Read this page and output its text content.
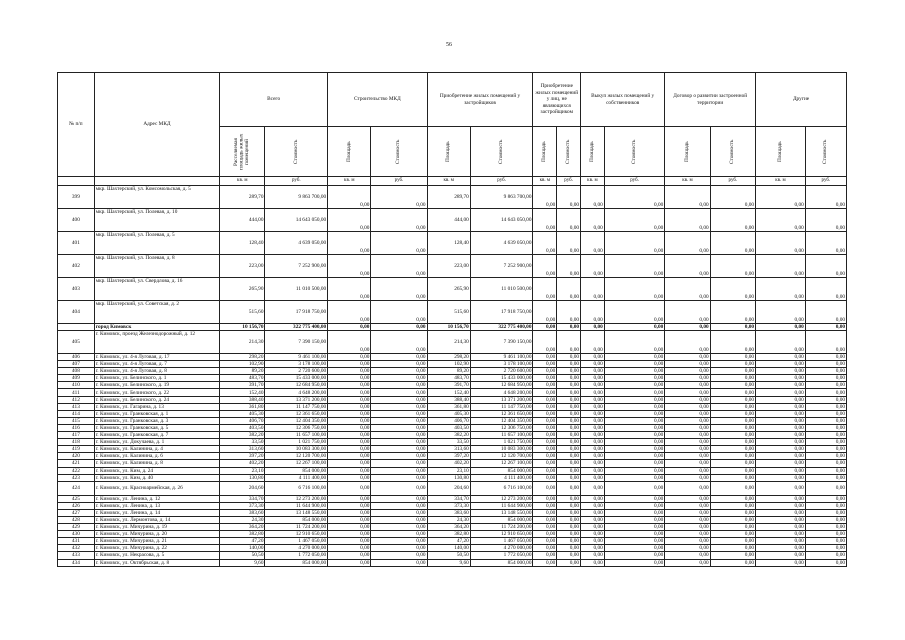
56
№ п/п	Адрес МКД	Всего		Строительство МКД		Приобретение жилых помещений у застройщиков		Приобретение жилых помещений у лиц, не являющихся застройщиком		Выкуп жилых помещений у собственников		Договор о развитии застроенной территории		Другие	

		Расселяемая площадь жилых помещений	Стоимость	Площадь	Стоимость	Площадь	Стоимость	Площадь	Стоимость	Площадь	Стоимость	Площадь	Стоимость	Площадь	Стоимость

		кв. м	руб.	кв. м	руб.	кв. м	руб.	кв. м	руб.	кв. м	руб.	кв. м	руб.	кв. м	руб.
399	мкр. Шахтерский, ул. Комсомольская, д. 5	289,70	9 863 700,00	0,00	0,00	289,70	9 863 700,00	0,00	0,00	0,00	0,00	0,00	0,00	0,00	0,00
400	мкр. Шахтерский, ул. Полевая, д. 10	444,00	14 643 050,00	0,00	0,00	444,00	14 643 050,00	0,00	0,00	0,00	0,00	0,00	0,00	0,00	0,00
401	мкр. Шахтерский, ул. Полевая, д. 5	128,40	4 639 050,00	0,00	0,00	128,40	4 639 050,00	0,00	0,00	0,00	0,00	0,00	0,00	0,00	0,00
402	мкр. Шахтерский, ул. Полевая, д. 8	223,00	7 252 900,00	0,00	0,00	223,00	7 252 900,00	0,00	0,00	0,00	0,00	0,00	0,00	0,00	0,00
403	мкр. Шахтерский, ул. Свердлова, д. 16	265,90	11 010 500,00	0,00	0,00	265,90	11 010 500,00	0,00	0,00	0,00	0,00	0,00	0,00	0,00	0,00
404	мкр. Шахтерский, ул. Советская, д. 2	515,60	17 918 750,00	0,00	0,00	515,60	17 918 750,00	0,00	0,00	0,00	0,00	0,00	0,00	0,00	0,00
	город Кимовск	10 156,70	322 775 400,00	0,00	0,00	10 156,70	322 775 400,00	0,00	0,00	0,00	0,00	0,00	0,00	0,00	0,00
405	г. Кимовск, проезд Железнодорожный, д. 12	214,30	7 390 150,00	0,00	0,00	214,30	7 390 150,00	0,00	0,00	0,00	0,00	0,00	0,00	0,00	0,00
406	г. Кимовск, ул. 4-я Луговая, д. 17	298,20	9 461 100,00	0,00	0,00	298,20	9 461 100,00	0,00	0,00	0,00	0,00	0,00	0,00	0,00	0,00
407	г. Кимовск, ул. 4-я Луговая, д. 7	102,90	3 178 100,00	0,00	0,00	102,90	3 178 100,00	0,00	0,00	0,00	0,00	0,00	0,00	0,00	0,00
408	г. Кимовск, ул. 4-я Луговая, д. 8	89,20	2 720 600,00	0,00	0,00	89,20	2 720 600,00	0,00	0,00	0,00	0,00	0,00	0,00	0,00	0,00
409	г. Кимовск, ул. Белинского, д. 1	483,70	15 433 000,00	0,00	0,00	483,70	15 433 000,00	0,00	0,00	0,00	0,00	0,00	0,00	0,00	0,00
410	г. Кимовск, ул. Белинского, д. 19	391,70	12 684 950,00	0,00	0,00	391,70	12 684 950,00	0,00	0,00	0,00	0,00	0,00	0,00	0,00	0,00
411	г. Кимовск, ул. Белинского, д. 22	152,40	4 648 200,00	0,00	0,00	152,40	4 648 200,00	0,00	0,00	0,00	0,00	0,00	0,00	0,00	0,00
412	г. Кимовск, ул. Белинского, д. 24	388,40	13 371 200,00	0,00	0,00	388,40	13 371 200,00	0,00	0,00	0,00	0,00	0,00	0,00	0,00	0,00
413	г. Кимовск, ул. Гагарина, д. 13	361,80	11 147 750,00	0,00	0,00	361,80	11 147 750,00	0,00	0,00	0,00	0,00	0,00	0,00	0,00	0,00
414	г. Кимовск, ул. Гранковская, д. 1	405,30	12 361 650,00	0,00	0,00	405,30	12 361 650,00	0,00	0,00	0,00	0,00	0,00	0,00	0,00	0,00
415	г. Кимовск, ул. Гранковская, д. 3	406,70	12 404 350,00	0,00	0,00	406,70	12 404 350,00	0,00	0,00	0,00	0,00	0,00	0,00	0,00	0,00
416	г. Кимовск, ул. Гранковская, д. 5	403,50	12 306 750,00	0,00	0,00	403,50	12 306 750,00	0,00	0,00	0,00	0,00	0,00	0,00	0,00	0,00
417	г. Кимовск, ул. Гранковская, д. 7	382,20	11 657 100,00	0,00	0,00	382,20	11 657 100,00	0,00	0,00	0,00	0,00	0,00	0,00	0,00	0,00
418	г. Кимовск, ул. Докучаева, д. 1	33,50	1 021 750,00	0,00	0,00	33,50	1 021 750,00	0,00	0,00	0,00	0,00	0,00	0,00	0,00	0,00
419	г. Кимовск, ул. Калинина, д. 4	313,60	10 083 300,00	0,00	0,00	313,60	10 083 300,00	0,00	0,00	0,00	0,00	0,00	0,00	0,00	0,00
420	г. Кимовск, ул. Калинина, д. 6	397,20	12 120 700,00	0,00	0,00	397,20	12 120 700,00	0,00	0,00	0,00	0,00	0,00	0,00	0,00	0,00
421	г. Кимовск, ул. Калинина, д. 8	402,20	12 267 100,00	0,00	0,00	402,20	12 267 100,00	0,00	0,00	0,00	0,00	0,00	0,00	0,00	0,00
422	г. Кимовск, ул. Ким, д. 24	23,10	854 000,00	0,00	0,00	23,10	854 000,00	0,00	0,00	0,00	0,00	0,00	0,00	0,00	0,00
423	г. Кимовск, ул. Ким, д. 40	130,80	4 111 400,00	0,00	0,00	130,80	4 111 400,00	0,00	0,00	0,00	0,00	0,00	0,00	0,00	0,00
424	г. Кимовск, ул. Красноармейская, д. 26	204,60	6 716 100,00	0,00	0,00	204,60	6 716 100,00	0,00	0,00	0,00	0,00	0,00	0,00	0,00	0,00
425	г. Кимовск, ул. Ленина, д. 12	334,70	12 273 200,00	0,00	0,00	334,70	12 273 200,00	0,00	0,00	0,00	0,00	0,00	0,00	0,00	0,00
426	г. Кимовск, ул. Ленина, д. 13	373,30	11 644 900,00	0,00	0,00	373,30	11 644 900,00	0,00	0,00	0,00	0,00	0,00	0,00	0,00	0,00
427	г. Кимовск, ул. Ленина, д. 14	383,60	13 148 550,00	0,00	0,00	383,60	13 148 550,00	0,00	0,00	0,00	0,00	0,00	0,00	0,00	0,00
428	г. Кимовск, ул. Лермонтова, д. 14	24,30	854 000,00	0,00	0,00	24,30	854 000,00	0,00	0,00	0,00	0,00	0,00	0,00	0,00	0,00
429	г. Кимовск, ул. Мичурина, д. 19	364,20	11 724 200,00	0,00	0,00	364,20	11 724 200,00	0,00	0,00	0,00	0,00	0,00	0,00	0,00	0,00
430	г. Кимовск, ул. Мичурина, д. 20	382,80	12 910 650,00	0,00	0,00	382,80	12 910 650,00	0,00	0,00	0,00	0,00	0,00	0,00	0,00	0,00
431	г. Кимовск, ул. Мичурина, д. 21	47,20	1 467 050,00	0,00	0,00	47,20	1 467 050,00	0,00	0,00	0,00	0,00	0,00	0,00	0,00	0,00
432	г. Кимовск, ул. Мичурина, д. 22	140,00	4 270 000,00	0,00	0,00	140,00	4 270 000,00	0,00	0,00	0,00	0,00	0,00	0,00	0,00	0,00
433	г. Кимовск, ул. Некрасова, д. 5	50,50	1 772 050,00	0,00	0,00	50,50	1 772 050,00	0,00	0,00	0,00	0,00	0,00	0,00	0,00	0,00
434	г. Кимовск, ул. Октябрьская, д. 8	9,60	854 000,00	0,00	0,00	9,60	854 000,00	0,00	0,00	0,00	0,00	0,00	0,00	0,00	0,00
